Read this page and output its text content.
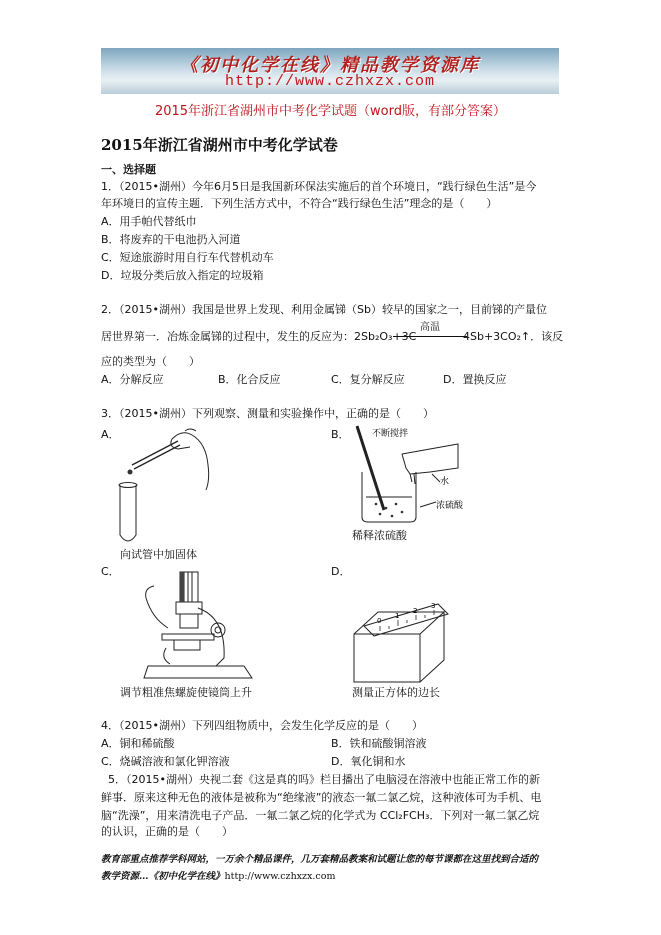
《初中化学在线》精品教学资源库
http://www.czhxzx.com
2015年浙江省湖州市中考化学试题（word版，有部分答案）
2015年浙江省湖州市中考化学试卷
一、选择题
1．（2015•湖州）今年6月5日是我国新环保法实施后的首个环境日，“践行绿色生活”是今
年环境日的宣传主题．下列生活方式中，不符合“践行绿色生活”理念的是（　　）
A．用手帕代替纸巾
B．将废弃的干电池扔入河道
C．短途旅游时用自行车代替机动车
D．垃圾分类后放入指定的垃圾箱
2．（2015•湖州）我国是世界上发现、利用金属锑（Sb）较早的国家之一，目前锑的产量位
居世界第一．冶炼金属锑的过程中，发生的反应为：2Sb₂O₃+3C
高温
4Sb+3CO₂↑．该反
应的类型为（　　）
A．分解反应	B．化合反应	C．复分解反应	D．置换反应
3．（2015•湖州）下列观察、测量和实验操作中，正确的是（　　）
A．	B． 不断搅拌
水
浓硫酸
向试管中加固体
稀释浓硫酸
C．	D．
0
1
2
3
调节粗准焦螺旋使镜筒上升	测量正方体的边长
4．（2015•湖州）下列四组物质中，会发生化学反应的是（　　）
A．铜和稀硫酸	B．铁和硫酸铜溶液
C．烧碱溶液和氯化钾溶液	D．氧化铜和水
5．（2015•湖州）央视二套《这是真的吗》栏目播出了电脑浸在溶液中也能正常工作的新
鲜事．原来这种无色的液体是被称为“绝缘液”的液态一氟二氯乙烷，这种液体可为手机、电
脑“洗澡”，用来清洗电子产品．一氟二氯乙烷的化学式为 CCl₂FCH₃．下列对一氟二氯乙烷
的认识，正确的是（　　）
教育部重点推荐学科网站，一万余个精品课件，几万套精品教案和试题让您的每节课都在这里找到合适的
教学资源…《初中化学在线》http://www.czhxzx.com
